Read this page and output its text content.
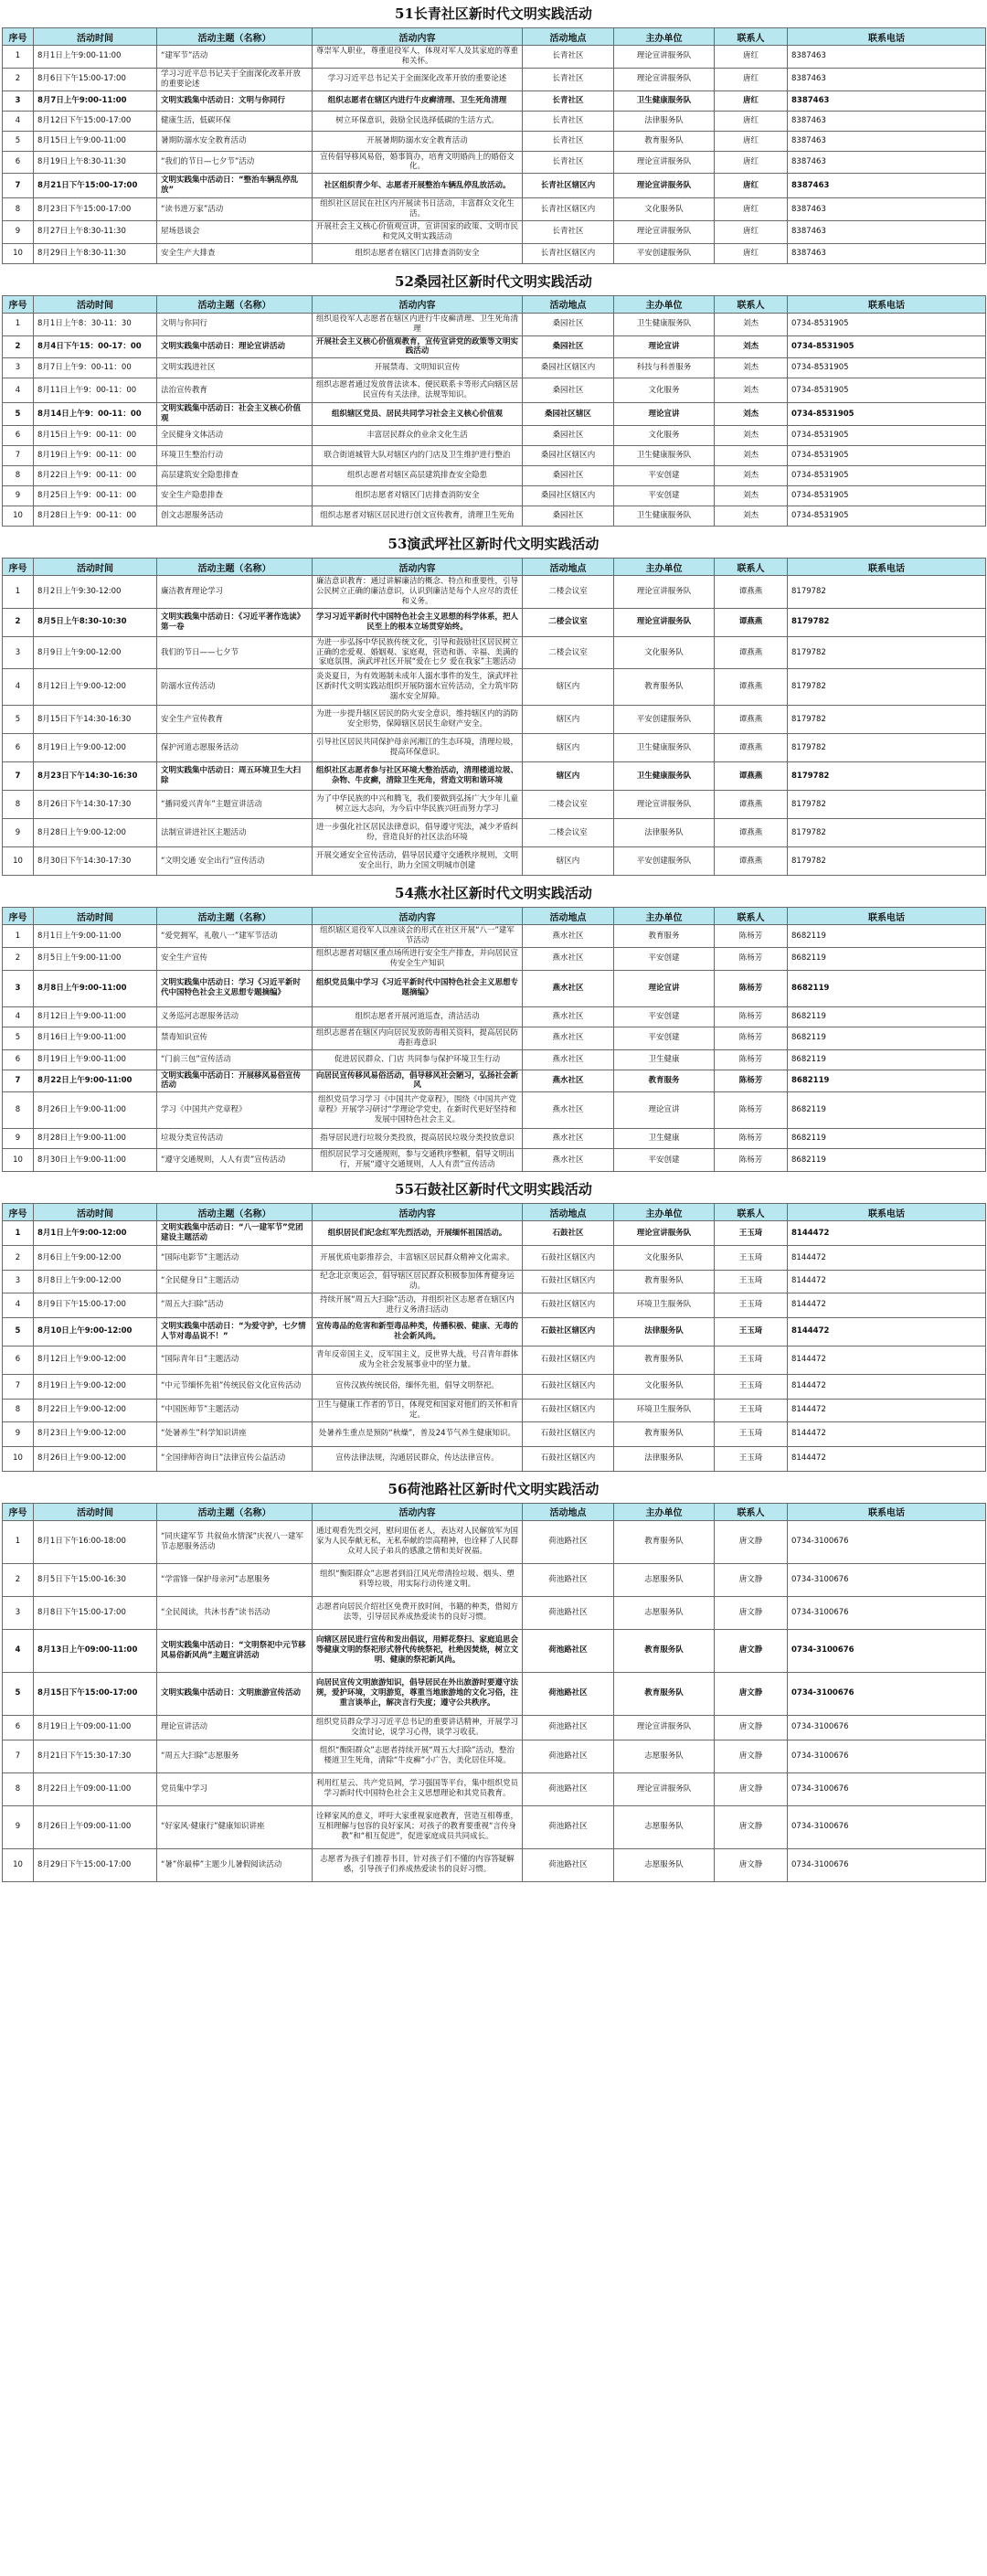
51长青社区新时代文明实践活动
序号	活动时间	活动主题（名称）	活动内容	活动地点	主办单位	联系人	联系电话
1	8月1日上午9:00-11:00	“建军节”活动	尊崇军人职业，尊重退役军人，体现对军人及其家庭的尊重和关怀。	长青社区	理论宣讲服务队	唐红	8387463
2	8月6日下午15:00-17:00	学习习近平总书记关于全面深化改革开放的重要论述	学习习近平总书记关于全面深化改革开放的重要论述	长青社区	理论宣讲服务队	唐红	8387463
3	8月7日上午9:00-11:00	文明实践集中活动日：文明与你同行	组织志愿者在辖区内进行牛皮癣清理、卫生死角清理	长青社区	卫生健康服务队	唐红	8387463
4	8月12日下午15:00-17:00	健康生活，低碳环保	树立环保意识，鼓励全民选择低碳的生活方式。	长青社区	法律服务队	唐红	8387463
5	8月15日上午9:00-11:00	暑期防溺水安全教育活动	开展暑期防溺水安全教育活动	长青社区	教育服务队	唐红	8387463
6	8月19日上午8:30-11:30	“我们的节日—七夕节”活动	宣传倡导移风易俗，婚事简办，培育文明婚尚上的婚俗文化。	长青社区	理论宣讲服务队	唐红	8387463
7	8月21日下午15:00-17:00	文明实践集中活动日：“整治车辆乱停乱放”	社区组织青少年、志愿者开展整治车辆乱停乱放活动。	长青社区辖区内	理论宣讲服务队	唐红	8387463
8	8月23日下午15:00-17:00	“读书进万家”活动	组织社区居民在社区内开展读书日活动，丰富群众文化生活。	长青社区辖区内	文化服务队	唐红	8387463
9	8月27日上午8:30-11:30	屋场恳谈会	开展社会主义核心价值观宣讲，宣讲国家的政策、文明市民和党风文明实践活动	长青社区	理论宣讲服务队	唐红	8387463
10	8月29日上午8:30-11:30	安全生产大排查	组织志愿者在辖区门店排查消防安全	长青社区辖区内	平安创建服务队	唐红	8387463
52桑园社区新时代文明实践活动
序号	活动时间	活动主题（名称）	活动内容	活动地点	主办单位	联系人	联系电话
1	8月1日上午8：30-11：30	文明与你同行	组织退役军人志愿者在辖区内进行牛皮癣清理、卫生死角清理	桑园社区	卫生健康服务队	刘杰	0734-8531905
2	8月4日下午15：00-17：00	文明实践集中活动日：理论宣讲活动	开展社会主义核心价值观教育，宣传宣讲党的政策等文明实践活动	桑园社区	理论宣讲	刘杰	0734-8531905
3	8月7日上午9：00-11：00	文明实践进社区	开展禁毒、文明知识宣传	桑园社区辖区内	科技与科普服务	刘杰	0734-8531905
4	8月11日上午9：00-11：00	法治宣传教育	组织志愿者通过发放普法读本、便民联系卡等形式向辖区居民宣传有关法律，法规等知识。	桑园社区	文化服务	刘杰	0734-8531905
5	8月14日上午9：00-11：00	文明实践集中活动日：社会主义核心价值观	组织辖区党员、居民共同学习社会主义核心价值观	桑园社区辖区	理论宣讲	刘杰	0734-8531905
6	8月15日上午9：00-11：00	全民健身文体活动	丰富居民群众的业余文化生活	桑园社区	文化服务	刘杰	0734-8531905
7	8月19日上午9：00-11：00	环境卫生整治行动	联合街道城管大队对辖区内的门店及卫生维护进行整治	桑园社区辖区内	卫生健康服务队	刘杰	0734-8531905
8	8月22日上午9：00-11：00	高层建筑安全隐患排查	组织志愿者对辖区高层建筑排查安全隐患	桑园社区	平安创建	刘杰	0734-8531905
9	8月25日上午9：00-11：00	安全生产隐患排查	组织志愿者对辖区门店排查消防安全	桑园社区辖区内	平安创建	刘杰	0734-8531905
10	8月28日上午9：00-11：00	创文志愿服务活动	组织志愿者对辖区居民进行创文宣传教育，清理卫生死角	桑园社区	卫生健康服务队	刘杰	0734-8531905
53演武坪社区新时代文明实践活动
序号	活动时间	活动主题（名称）	活动内容	活动地点	主办单位	联系人	联系电话
1	8月2日上午9:30-12:00	廉洁教育理论学习	廉洁意识教育：通过讲解廉洁的概念、特点和重要性，引导公民树立正确的廉洁意识，认识到廉洁是每个人应尽的责任和义务。	二楼会议室	理论宣讲服务队	谭燕燕	8179782
2	8月5日上午8:30-10:30	文明实践集中活动日：《习近平著作选读》第一卷	学习习近平新时代中国特色社会主义思想的科学体系，把人民至上的根本立场贯穿始终。	二楼会议室	理论宣讲服务队	谭燕燕	8179782
3	8月9日上午9:00-12:00	我们的节日——七夕节	为进一步弘扬中华民族传统文化，引导和鼓励社区居民树立正确的恋爱观、婚姻观、家庭观，营造和谐、幸福、美满的家庭氛围，演武坪社区开展“爱在七夕 爱在我家”主题活动	二楼会议室	文化服务队	谭燕燕	8179782
4	8月12日上午9:00-12:00	防溺水宣传活动	炎炎夏日，为有效遏制未成年人溺水事件的发生，演武坪社区新时代文明实践站组织开展防溺水宣传活动，全力筑牢防溺水安全屏障。	辖区内	教育服务队	谭燕燕	8179782
5	8月15日下午14:30-16:30	安全生产宣传教育	为进一步提升辖区居民的防火安全意识，维持辖区内的消防安全形势，保障辖区居民生命财产安全。	辖区内	平安创建服务队	谭燕燕	8179782
6	8月19日上午9:00-12:00	保护河道志愿服务活动	引导社区居民共同保护母亲河湘江的生态环境，清理垃圾，提高环保意识。	辖区内	卫生健康服务队	谭燕燕	8179782
7	8月23日下午14:30-16:30	文明实践集中活动日：周五环境卫生大扫除	组织社区志愿者参与社区环境大整治活动，清理楼道垃圾、杂物、牛皮癣，清除卫生死角，营造文明和谐环境	辖区内	卫生健康服务队	谭燕燕	8179782
8	8月26日下午14:30-17:30	“播同爱兴青年”主题宣讲活动	为了中华民族的中兴和腾飞，我们要做到弘扬广大少年儿童树立远大志向，为今后中华民族兴旺而努力学习	二楼会议室	理论宣讲服务队	谭燕燕	8179782
9	8月28日上午9:00-12:00	法制宣讲进社区主题活动	进一步强化社区居民法律意识，倡导遵守宪法，减少矛盾纠纷，营造良好的社区法治环境	二楼会议室	法律服务队	谭燕燕	8179782
10	8月30日下午14:30-17:30	“文明交通 安全出行”宣传活动	开展交通安全宣传活动，倡导居民遵守交通秩序规则，文明安全出行，助力全国文明城市创建	辖区内	平安创建服务队	谭燕燕	8179782
54燕水社区新时代文明实践活动
序号	活动时间	活动主题（名称）	活动内容	活动地点	主办单位	联系人	联系电话
1	8月1日上午9:00-11:00	“爱党拥军，礼敬八一”建军节活动	组织辖区退役军人以座谈会的形式在社区开展“八一”建军节活动	燕水社区	教育服务	陈杨芳	8682119
2	8月5日上午9:00-11:00	安全生产宣传	组织志愿者对辖区重点场所进行安全生产排查，并向居民宣传安全生产知识	燕水社区	平安创建	陈杨芳	8682119
3	8月8日上午9:00-11:00	文明实践集中活动日：学习《习近平新时代中国特色社会主义思想专题摘编》	组织党员集中学习《习近平新时代中国特色社会主义思想专题摘编》	燕水社区	理论宣讲	陈杨芳	8682119
4	8月12日上午9:00-11:00	义务巡河志愿服务活动	组织志愿者开展河道巡查，清洁活动	燕水社区	平安创建	陈杨芳	8682119
5	8月16日上午9:00-11:00	禁毒知识宣传	组织志愿者在辖区内向居民发放防毒相关资料，提高居民防毒拒毒意识	燕水社区	平安创建	陈杨芳	8682119
6	8月19日上午9:00-11:00	“门前三包”宣传活动	促进居民群众、门店 共同参与保护环境卫生行动	燕水社区	卫生健康	陈杨芳	8682119
7	8月22日上午9:00-11:00	文明实践集中活动日：开展移风易俗宣传活动	向居民宣传移风易俗活动，倡导移风社会陋习，弘扬社会新风	燕水社区	教育服务	陈杨芳	8682119
8	8月26日上午9:00-11:00	学习《中国共产党章程》	组织党员学习学习《中国共产党章程》，围绕《中国共产党章程》开展学习研讨“学理论学党史，在新时代更好坚持和发展中国特色社会主义。	燕水社区	理论宣讲	陈杨芳	8682119
9	8月28日上午9:00-11:00	垃圾分类宣传活动	指导居民进行垃圾分类投放，提高居民垃圾分类投放意识	燕水社区	卫生健康	陈杨芳	8682119
10	8月30日上午9:00-11:00	“遵守交通规则，人人有责”宣传活动	组织居民学习交通规则，参与交通秩序整顿，倡导文明出行，开展“遵守交通规则，人人有责”宣传活动	燕水社区	平安创建	陈杨芳	8682119
55石鼓社区新时代文明实践活动
序号	活动时间	活动主题（名称）	活动内容	活动地点	主办单位	联系人	联系电话
1	8月1日上午9:00-12:00	文明实践集中活动日：“八一建军节”党团建设主题活动	组织居民们纪念红军先烈活动，开展缅怀祖国活动。	石鼓社区	理论宣讲服务队	王玉琦	8144472
2	8月6日上午9:00-12:00	“国际电影节”主题活动	开展优质电影推荐会，丰富辖区居民群众精神文化需求。	石鼓社区辖区内	文化服务队	王玉琦	8144472
3	8月8日上午9:00-12:00	“全民健身日”主题活动	纪念北京奥运会，倡导辖区居民群众积极参加体育健身运动。	石鼓社区辖区内	教育服务队	王玉琦	8144472
4	8月9日下午15:00-17:00	“周五大扫除”活动	持续开展“周五大扫除”活动，并组织社区志愿者在辖区内进行义务清扫活动	石鼓社区辖区内	环境卫生服务队	王玉琦	8144472
5	8月10日上午9:00-12:00	文明实践集中活动日：“为爱守护，七夕情人节对毒品说不！”	宣传毒品的危害和新型毒品种类，传播积极、健康、无毒的社会新风尚。	石鼓社区辖区内	法律服务队	王玉琦	8144472
6	8月12日上午9:00-12:00	“国际青年日”主题活动	青年反帝国主义，反军国主义，反世界大战，号召青年群体成为全社会发展事业中的坚力量。	石鼓社区辖区内	教育服务队	王玉琦	8144472
7	8月19日上午9:00-12:00	“中元节缅怀先祖”传统民俗文化宣传活动	宣传汉族传统民俗，缅怀先祖，倡导文明祭祀。	石鼓社区辖区内	文化服务队	王玉琦	8144472
8	8月22日上午9:00-12:00	“中国医师节”主题活动	卫生与健康工作者的节日，体现党和国家对他们的关怀和肯定。	石鼓社区辖区内	环境卫生服务队	王玉琦	8144472
9	8月23日上午9:00-12:00	“处暑养生”科学知识讲座	处暑养生重点是预防“秋燥”，普及24节气养生健康知识。	石鼓社区辖区内	教育服务队	王玉琦	8144472
10	8月26日上午9:00-12:00	“全国律师咨询日”法律宣传公益活动	宣传法律法规，沟通居民群众，传达法律宣传。	石鼓社区辖区内	法律服务队	王玉琦	8144472
56荷池路社区新时代文明实践活动
序号	活动时间	活动主题（名称）	活动内容	活动地点	主办单位	联系人	联系电话
1	8月1日下午16:00-18:00	“同庆建军节 共叙鱼水情深”庆祝八一建军节志愿服务活动	通过观看先烈交河，慰问退伍老人，表达对人民解放军为国家为人民奉献无私，无私奉献的崇高精神，也诠释了人民群众对人民子弟兵的感激之情和美好祝福。	荷池路社区	教育服务队	唐文静	0734-3100676
2	8月5日下午15:00-16:30	“学雷锋一保护母亲河”志愿服务	组织“衡阳群众”志愿者到沿江风光带清捡垃圾、烟头、塑料等垃圾，用实际行动传递文明。	荷池路社区	志愿服务队	唐文静	0734-3100676
3	8月8日下午15:00-17:00	“全民阅读，共沐书香”读书活动	志愿者向居民介绍社区免费开放时间，书籍的种类，借阅方法等，引导居民养成热爱读书的良好习惯。	荷池路社区	志愿服务队	唐文静	0734-3100676
4	8月13日上午09:00-11:00	文明实践集中活动日：“文明祭祀中元节移风易俗新风尚”主题宣讲活动	向辖区居民进行宣传和发出倡议，用鲜花祭扫、家庭追思会等健康文明的祭祀形式替代传统祭祀，杜绝因焚烧，树立文明、健康的祭祀新风尚。	荷池路社区	教育服务队	唐文静	0734-3100676
5	8月15日下午15:00-17:00	文明实践集中活动日：文明旅游宣传活动	向居民宣传文明旅游知识，倡导居民在外出旅游时要遵守法规，爱护环境，文明游览，尊重当地旅游地的文化习俗，注重言谈举止，解决言行失度；遵守公共秩序。	荷池路社区	教育服务队	唐文静	0734-3100676
6	8月19日上午09:00-11:00	理论宣讲活动	组织党员群众学习习近平总书记的重要讲话精神，开展学习交流讨论，说学习心得，谈学习收获。	荷池路社区	理论宣讲服务队	唐文静	0734-3100676
7	8月21日下午15:30-17:30	“周五大扫除”志愿服务	组织“衡阳群众”志愿者持续开展“周五大扫除”活动，整治楼道卫生死角，清除“牛皮癣”小广告，美化居住环境。	荷池路社区	志愿服务队	唐文静	0734-3100676
8	8月22日上午09:00-11:00	党员集中学习	利用红星云、共产党员网，学习强国等平台，集中组织党员学习新时代中国特色社会主义思想理论和其党员教育。	荷池路社区	理论宣讲服务队	唐文静	0734-3100676
9	8月26日上午09:00-11:00	“好家风·健康行”健康知识讲座	诠释家风的意义，呼吁大家重视家庭教育，营造互相尊重，互相理解与包容的良好家风；对孩子的教育要重视“言传身教”和“相互促进”，促进家庭成员共同成长。	荷池路社区	志愿服务队	唐文静	0734-3100676
10	8月29日下午15:00-17:00	“暑”你最棒”主题少儿暑假阅读活动	志愿者为孩子们推荐书目，针对孩子们不懂的内容答疑解惑，引导孩子们养成热爱读书的良好习惯。	荷池路社区	志愿服务队	唐文静	0734-3100676
